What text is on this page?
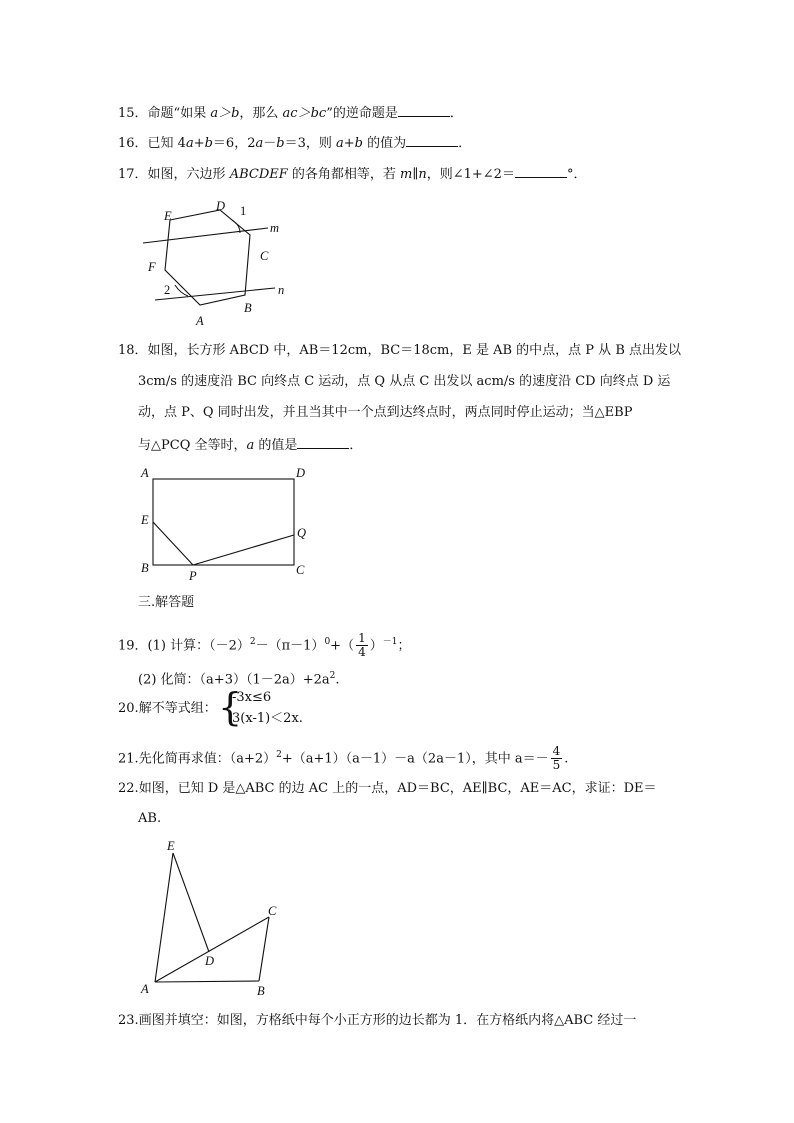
15．命题“如果 a＞b，那么 ac＞bc”的逆命题是	．
16．已知 4a+b＝6，2a－b＝3，则 a+b 的值为	．
17．如图，六边形 ABCDEF 的各角都相等，若 m∥n，则∠1+∠2＝	°．
E
D 1
m
C
F
2	n
A
B
18．如图，长方形 ABCD 中，AB＝12cm，BC＝18cm，E 是 AB 的中点，点 P 从 B 点出发以
3cm/s 的速度沿 BC 向终点 C 运动，点 Q 从点 C 出发以 acm/s 的速度沿 CD 向终点 D 运
动，点 P、Q 同时出发，并且当其中一个点到达终点时，两点同时停止运动；当△EBP
与△PCQ 全等时，a 的值是	．
A	D
E
Q
B
P	C
三.解答题
19．(1) 计算：$(-2)^2-(\pi-1)^0+( \frac{1}{4} )^{-1}$；
(2) 化简：$(a+3)(1-2a)+2a^2$.
20.解不等式组： {
-3x≤6
3(x-1)＜2x.
21.先化简再求值：$(a+2)^2+(a+1)(a-1)-a(2a-1)$，其中 $a=- \frac{4}{5}$ .
22.如图，已知 D 是△ABC 的边 AC 上的一点，AD＝BC，AE∥BC，AE＝AC，求证：DE＝
AB.
E
C
D
A	B
23.画图并填空：如图，方格纸中每个小正方形的边长都为 1．在方格纸内将△ABC 经过一
